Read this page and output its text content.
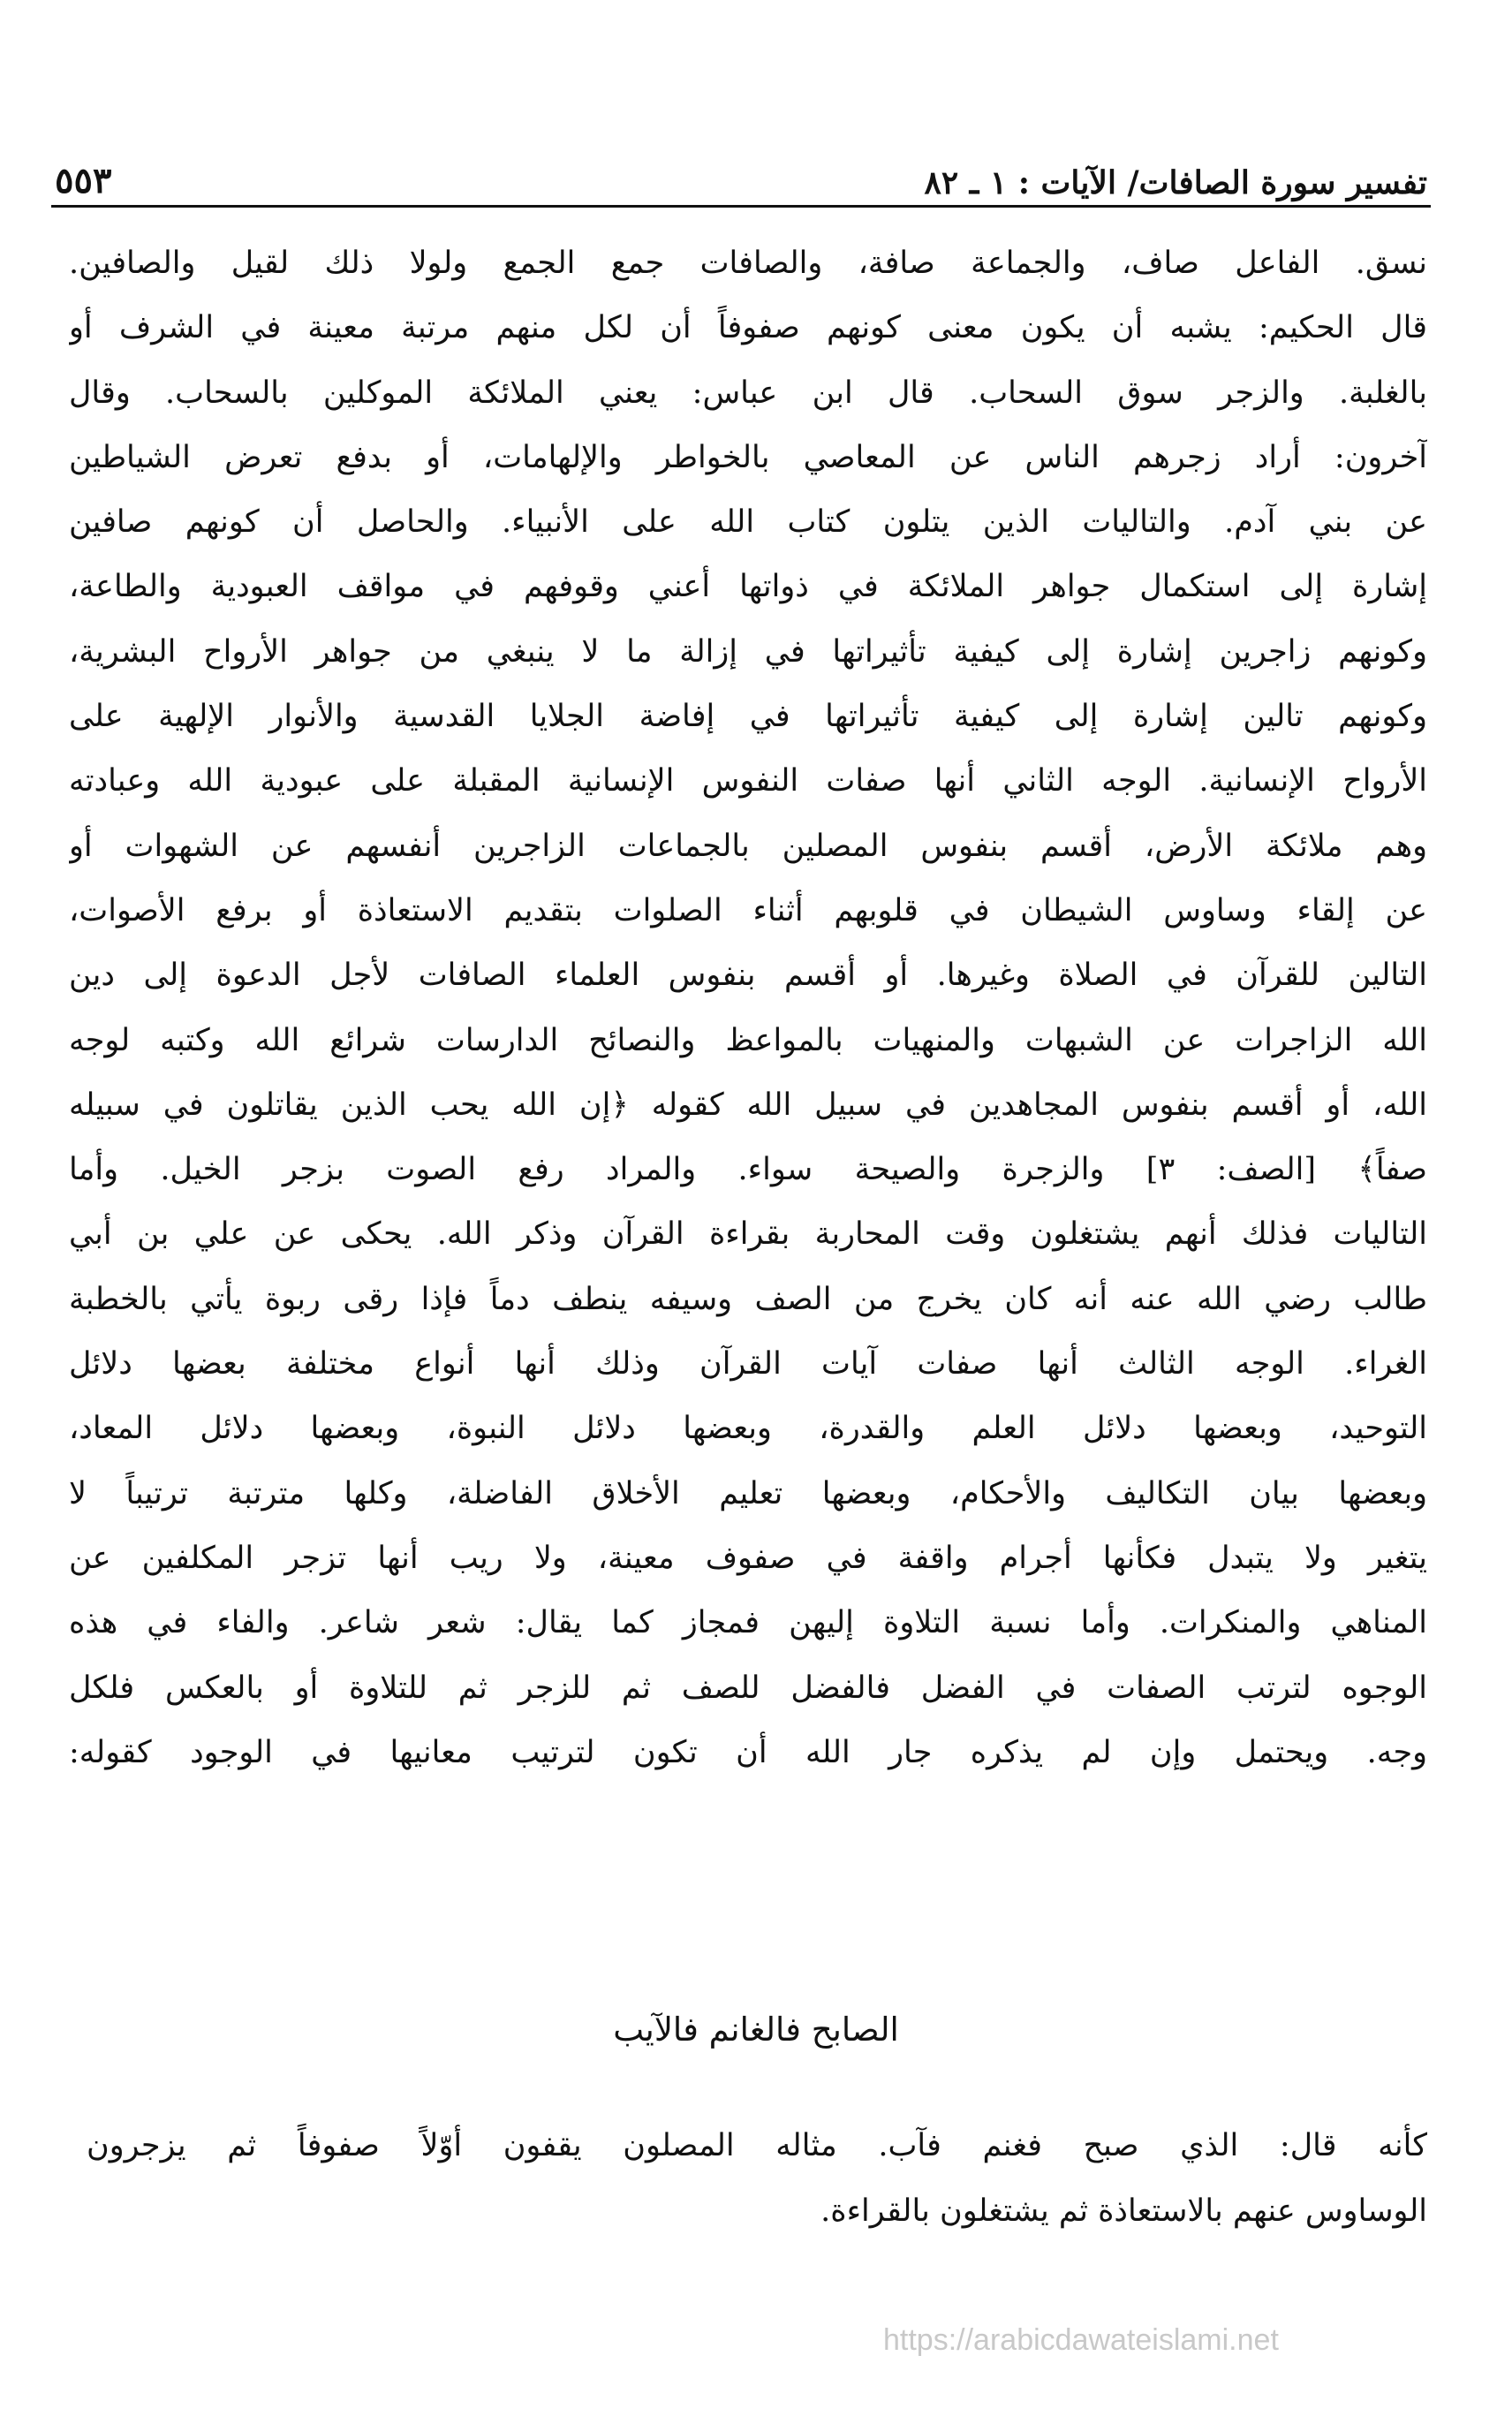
تفسير سورة الصافات/ الآيات : ١ ـ ٨٢
٥٥٣
نسق. الفاعل صاف، والجماعة صافة، والصافات جمع الجمع ولولا ذلك لقيل والصافين.
قال الحكيم: يشبه أن يكون معنى كونهم صفوفاً أن لكل منهم مرتبة معينة في الشرف أو
بالغلبة. والزجر سوق السحاب. قال ابن عباس: يعني الملائكة الموكلين بالسحاب. وقال
آخرون: أراد زجرهم الناس عن المعاصي بالخواطر والإلهامات، أو بدفع تعرض الشياطين
عن بني آدم. والتاليات الذين يتلون كتاب الله على الأنبياء. والحاصل أن كونهم صافين
إشارة إلى استكمال جواهر الملائكة في ذواتها أعني وقوفهم في مواقف العبودية والطاعة،
وكونهم زاجرين إشارة إلى كيفية تأثيراتها في إزالة ما لا ينبغي من جواهر الأرواح البشرية،
وكونهم تالين إشارة إلى كيفية تأثيراتها في إفاضة الجلايا القدسية والأنوار الإلهية على
الأرواح الإنسانية. الوجه الثاني أنها صفات النفوس الإنسانية المقبلة على عبودية الله وعبادته
وهم ملائكة الأرض، أقسم بنفوس المصلين بالجماعات الزاجرين أنفسهم عن الشهوات أو
عن إلقاء وساوس الشيطان في قلوبهم أثناء الصلوات بتقديم الاستعاذة أو برفع الأصوات،
التالين للقرآن في الصلاة وغيرها. أو أقسم بنفوس العلماء الصافات لأجل الدعوة إلى دين
الله الزاجرات عن الشبهات والمنهيات بالمواعظ والنصائح الدارسات شرائع الله وكتبه لوجه
الله، أو أقسم بنفوس المجاهدين في سبيل الله كقوله ﴿إن الله يحب الذين يقاتلون في سبيله
صفاً﴾ [الصف: ٣] والزجرة والصيحة سواء. والمراد رفع الصوت بزجر الخيل. وأما
التاليات فذلك أنهم يشتغلون وقت المحاربة بقراءة القرآن وذكر الله. يحكى عن علي بن أبي
طالب رضي الله عنه أنه كان يخرج من الصف وسيفه ينطف دماً فإذا رقى ربوة يأتي بالخطبة
الغراء. الوجه الثالث أنها صفات آيات القرآن وذلك أنها أنواع مختلفة بعضها دلائل
التوحيد، وبعضها دلائل العلم والقدرة، وبعضها دلائل النبوة، وبعضها دلائل المعاد،
وبعضها بيان التكاليف والأحكام، وبعضها تعليم الأخلاق الفاضلة، وكلها مترتبة ترتيباً لا
يتغير ولا يتبدل فكأنها أجرام واقفة في صفوف معينة، ولا ريب أنها تزجر المكلفين عن
المناهي والمنكرات. وأما نسبة التلاوة إليهن فمجاز كما يقال: شعر شاعر. والفاء في هذه
الوجوه لترتب الصفات في الفضل فالفضل للصف ثم للزجر ثم للتلاوة أو بالعكس فلكل
وجه. ويحتمل وإن لم يذكره جار الله أن تكون لترتيب معانيها في الوجود كقوله:
الصابح فالغانم فالآيب
كأنه قال: الذي صبح فغنم فآب. مثاله المصلون يقفون أوّلاً صفوفاً ثم يزجرون
الوساوس عنهم بالاستعاذة ثم يشتغلون بالقراءة.
https://arabicdawateislami.net
